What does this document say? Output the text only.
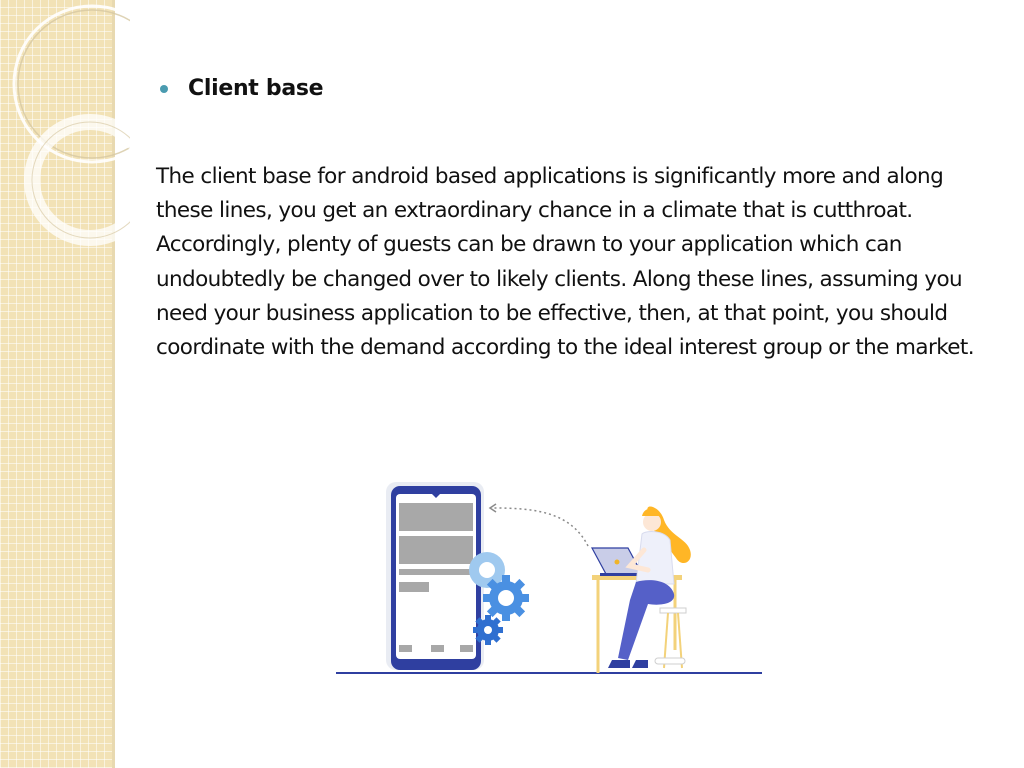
Client base

The client base for android based applications is significantly more and along these lines, you get an extraordinary chance in a climate that is cutthroat. Accordingly, plenty of guests can be drawn to your application which can undoubtedly be changed over to likely clients. Along these lines, assuming you need your business application to be effective, then, at that point, you should coordinate with the demand according to the ideal interest group or the market.
